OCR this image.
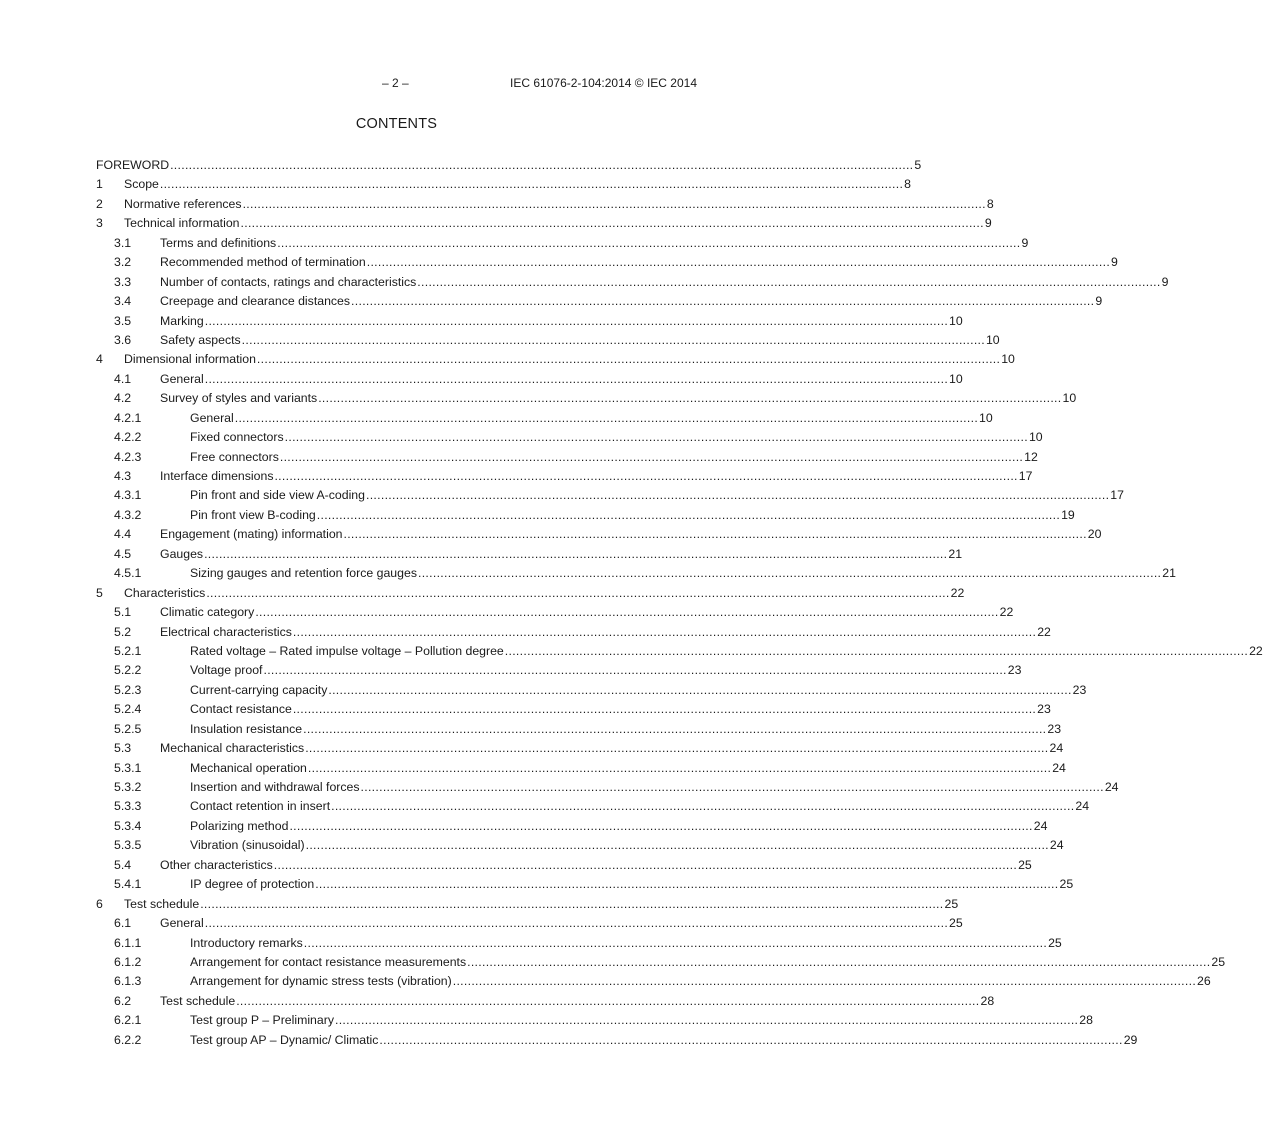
– 2 –	IEC 61076-2-104:2014 © IEC 2014
CONTENTS
FOREWORD ........................................................................................................................................................................................................ 5
1	Scope ........................................................................................................................................................................................................ 8
2	Normative references ........................................................................................................................................................................................................ 8
3	Technical information ........................................................................................................................................................................................................ 9
3.1	Terms and definitions ........................................................................................................................................................................................................ 9
3.2	Recommended method of termination ........................................................................................................................................................................................................ 9
3.3	Number of contacts, ratings and characteristics ........................................................................................................................................................................................................ 9
3.4	Creepage and clearance distances ........................................................................................................................................................................................................ 9
3.5	Marking ........................................................................................................................................................................................................ 10
3.6	Safety aspects ........................................................................................................................................................................................................ 10
4	Dimensional information ........................................................................................................................................................................................................ 10
4.1	General ........................................................................................................................................................................................................ 10
4.2	Survey of styles and variants ........................................................................................................................................................................................................ 10
4.2.1	General ........................................................................................................................................................................................................ 10
4.2.2	Fixed connectors ........................................................................................................................................................................................................ 10
4.2.3	Free connectors ........................................................................................................................................................................................................ 12
4.3	Interface dimensions ........................................................................................................................................................................................................ 17
4.3.1	Pin front and side view A-coding ........................................................................................................................................................................................................ 17
4.3.2	Pin front view B-coding ........................................................................................................................................................................................................ 19
4.4	Engagement (mating) information ........................................................................................................................................................................................................ 20
4.5	Gauges ........................................................................................................................................................................................................ 21
4.5.1	Sizing gauges and retention force gauges ........................................................................................................................................................................................................ 21
5	Characteristics ........................................................................................................................................................................................................ 22
5.1	Climatic category ........................................................................................................................................................................................................ 22
5.2	Electrical characteristics ........................................................................................................................................................................................................ 22
5.2.1	Rated voltage – Rated impulse voltage – Pollution degree ........................................................................................................................................................................................................ 22
5.2.2	Voltage proof ........................................................................................................................................................................................................ 23
5.2.3	Current-carrying capacity ........................................................................................................................................................................................................ 23
5.2.4	Contact resistance ........................................................................................................................................................................................................ 23
5.2.5	Insulation resistance ........................................................................................................................................................................................................ 23
5.3	Mechanical characteristics ........................................................................................................................................................................................................ 24
5.3.1	Mechanical operation ........................................................................................................................................................................................................ 24
5.3.2	Insertion and withdrawal forces ........................................................................................................................................................................................................ 24
5.3.3	Contact retention in insert ........................................................................................................................................................................................................ 24
5.3.4	Polarizing method ........................................................................................................................................................................................................ 24
5.3.5	Vibration (sinusoidal) ........................................................................................................................................................................................................ 24
5.4	Other characteristics ........................................................................................................................................................................................................ 25
5.4.1	IP degree of protection ........................................................................................................................................................................................................ 25
6	Test schedule ........................................................................................................................................................................................................ 25
6.1	General ........................................................................................................................................................................................................ 25
6.1.1	Introductory remarks ........................................................................................................................................................................................................ 25
6.1.2	Arrangement for contact resistance measurements ........................................................................................................................................................................................................ 25
6.1.3	Arrangement for dynamic stress tests (vibration) ........................................................................................................................................................................................................ 26
6.2	Test schedule ........................................................................................................................................................................................................ 28
6.2.1	Test group P – Preliminary ........................................................................................................................................................................................................ 28
6.2.2	Test group AP – Dynamic/ Climatic ........................................................................................................................................................................................................ 29
